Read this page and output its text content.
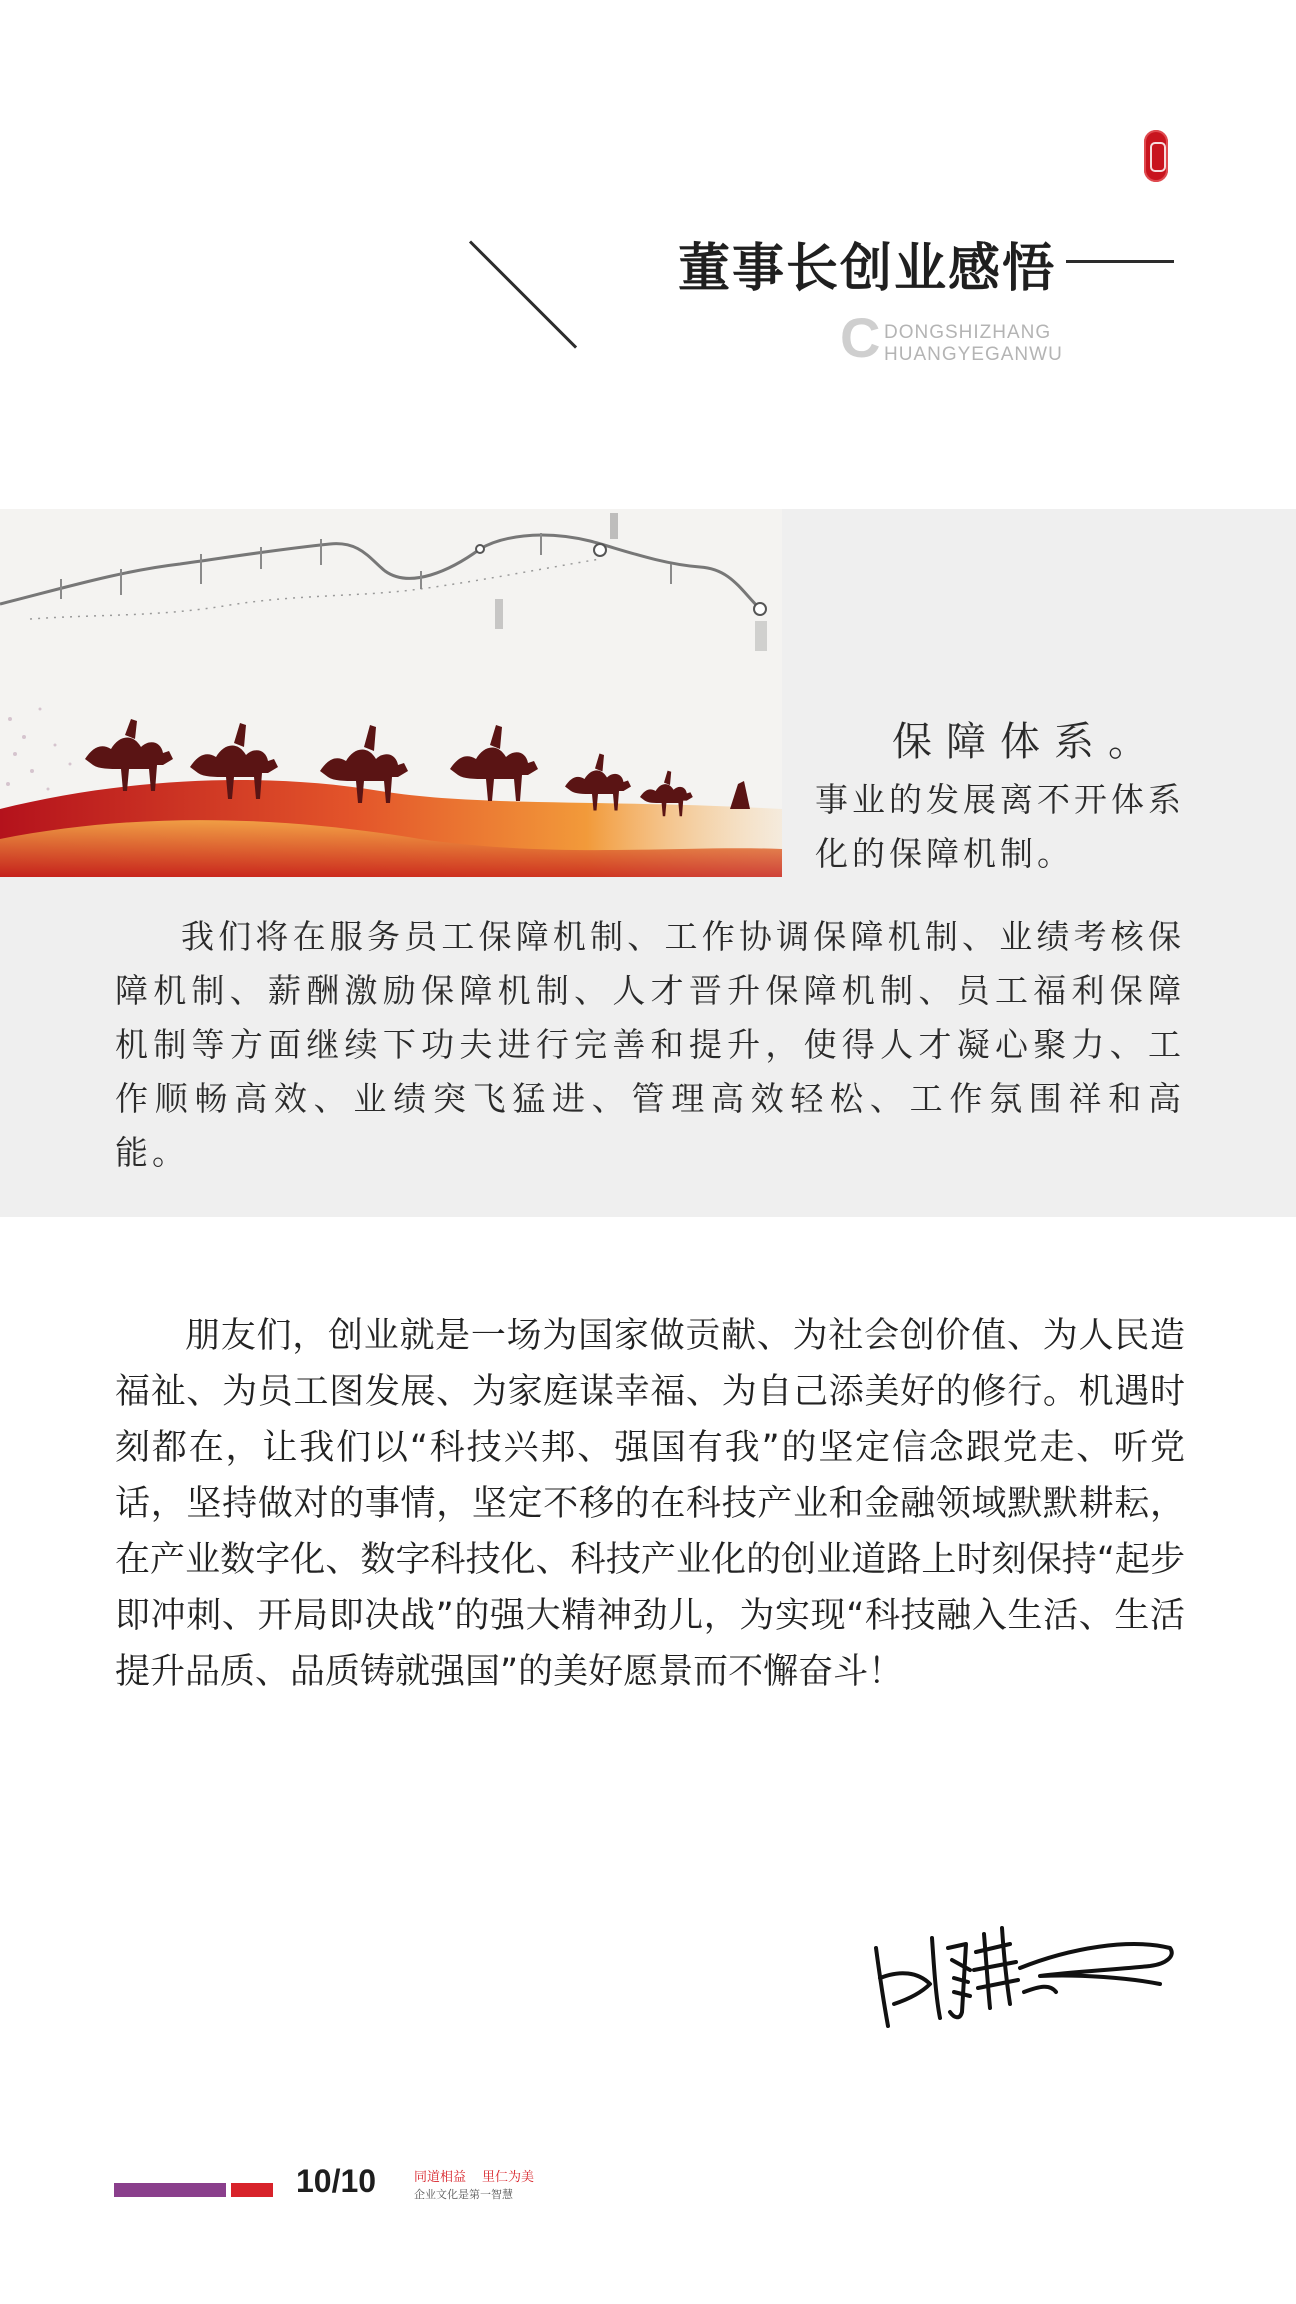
董事长创业感悟
C DONGSHIZHANG
HUANGYEGANWU
保障体系。
事业的发展离不开体系化的保障机制。

我们将在服务员工保障机制、工作协调保障机制、业绩考核保障机制、薪酬激励保障机制、人才晋升保障机制、员工福利保障机制等方面继续下功夫进行完善和提升，使得人才凝心聚力、工作顺畅高效、业绩突飞猛进、管理高效轻松、工作氛围祥和高能。

朋友们，创业就是一场为国家做贡献、为社会创价值、为人民造福祉、为员工图发展、为家庭谋幸福、为自己添美好的修行。机遇时刻都在，让我们以“科技兴邦、强国有我”的坚定信念跟党走、听党话，坚持做对的事情，坚定不移的在科技产业和金融领域默默耕耘，在产业数字化、数字科技化、科技产业化的创业道路上时刻保持“起步即冲刺、开局即决战”的强大精神劲儿，为实现“科技融入生活、生活提升品质、品质铸就强国”的美好愿景而不懈奋斗！

10/10	同道相益 里仁为美
企业文化是第一智慧
